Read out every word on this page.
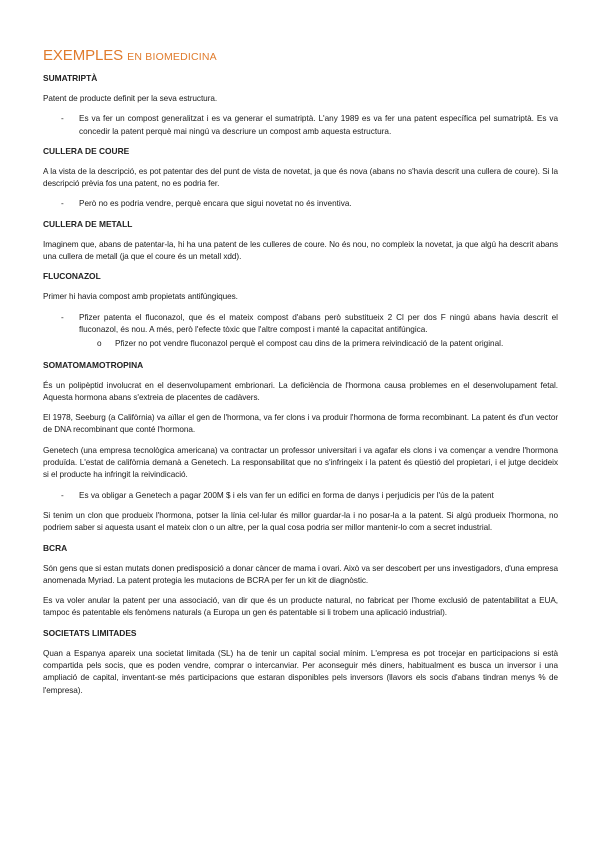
EXEMPLES EN BIOMEDICINA
SUMATRIPTÀ
Patent de producte definit per la seva estructura.
- Es va fer un compost generalitzat i es va generar el sumatriptà. L'any 1989 es va fer una patent específica pel sumatriptà. Es va concedir la patent perquè mai ningú va descriure un compost amb aquesta estructura.
CULLERA DE COURE
A la vista de la descripció, es pot patentar des del punt de vista de novetat, ja que és nova (abans no s'havia descrit una cullera de coure). Si la descripció prèvia fos una patent, no es podria fer.
- Però no es podria vendre, perquè encara que sigui novetat no és inventiva.
CULLERA DE METALL
Imaginem que, abans de patentar-la, hi ha una patent de les culleres de coure. No és nou, no compleix la novetat, ja que algú ha descrit abans una cullera de metall (ja que el coure és un metall xdd).
FLUCONAZOL
Primer hi havia compost amb propietats antifúngiques.
- Pfizer patenta el fluconazol, que és el mateix compost d'abans però substitueix 2 Cl per dos F ningú abans havia descrit el fluconazol, és nou. A més, però l'efecte tòxic que l'altre compost i manté la capacitat antifúngica.
o Pfizer no pot vendre fluconazol perquè el compost cau dins de la primera reivindicació de la patent original.
SOMATOMAMOTROPINA
És un polipèptid involucrat en el desenvolupament embrionari. La deficiència de l'hormona causa problemes en el desenvolupament fetal. Aquesta hormona abans s'extreia de placentes de cadàvers.
El 1978, Seeburg (a Califòrnia) va aïllar el gen de l'hormona, va fer clons i va produir l'hormona de forma recombinant. La patent és d'un vector de DNA recombinant que conté l'hormona.
Genetech (una empresa tecnològica americana) va contractar un professor universitari i va agafar els clons i va començar a vendre l'hormona produïda. L'estat de califòrnia demanà a Genetech. La responsabilitat que no s'infringeix i la patent és qüestió del propietari, i el jutge decideix si el producte ha infringit la reivindicació.
- Es va obligar a Genetech a pagar 200M $ i els van fer un edifici en forma de danys i perjudicis per l'ús de la patent
Si tenim un clon que produeix l'hormona, potser la línia cel·lular és millor guardar-la i no posar-la a la patent. Si algú produeix l'hormona, no podriem saber si aquesta usant el mateix clon o un altre, per la qual cosa podria ser millor mantenir-lo com a secret industrial.
BCRA
Són gens que si estan mutats donen predisposició a donar càncer de mama i ovari. Això va ser descobert per uns investigadors, d'una empresa anomenada Myriad. La patent protegia les mutacions de BCRA per fer un kit de diagnòstic.
Es va voler anular la patent per una associació, van dir que és un producte natural, no fabricat per l'home exclusió de patentabilitat a EUA, tampoc és patentable els fenòmens naturals (a Europa un gen és patentable si li trobem una aplicació industrial).
SOCIETATS LIMITADES
Quan a Espanya apareix una societat limitada (SL) ha de tenir un capital social mínim. L'empresa es pot trocejar en participacions si està compartida pels socis, que es poden vendre, comprar o intercanviar. Per aconseguir més diners, habitualment es busca un inversor i una ampliació de capital, inventant-se més participacions que estaran disponibles pels inversors (llavors els socis d'abans tindran menys % de l'empresa).
